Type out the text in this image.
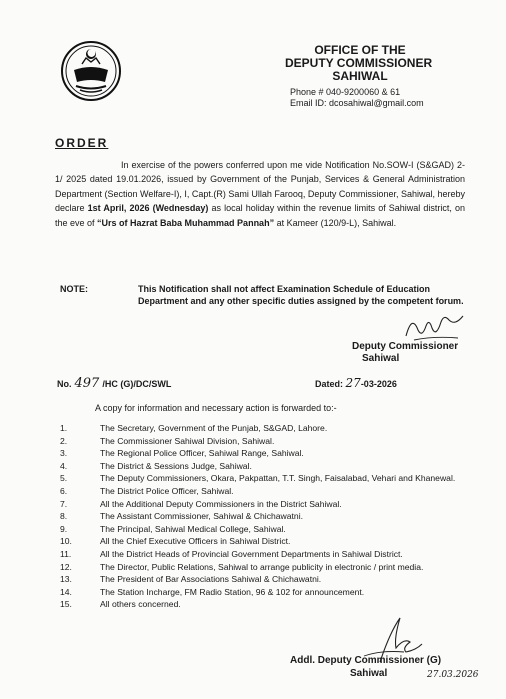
OFFICE OF THE
DEPUTY COMMISSIONER
SAHIWAL
Phone # 040-9200060 & 61
Email ID: dcosahiwal@gmail.com
ORDER
In exercise of the powers conferred upon me vide Notification No.SOW-I (S&GAD) 2-1/ 2025 dated 19.01.2026, issued by Government of the Punjab, Services & General Administration Department (Section Welfare-I), I, Capt.(R) Sami Ullah Farooq, Deputy Commissioner, Sahiwal, hereby declare 1st April, 2026 (Wednesday) as local holiday within the revenue limits of Sahiwal district, on the eve of “Urs of Hazrat Baba Muhammad Pannah” at Kameer (120/9-L), Sahiwal.
NOTE:	This Notification shall not affect Examination Schedule of Education Department and any other specific duties assigned by the competent forum.
Deputy Commissioner
Sahiwal
No. 497 /HC (G)/DC/SWL	Dated: 27-03-2026
A copy for information and necessary action is forwarded to:-
1.	The Secretary, Government of the Punjab, S&GAD, Lahore.
2.	The Commissioner Sahiwal Division, Sahiwal.
3.	The Regional Police Officer, Sahiwal Range, Sahiwal.
4.	The District & Sessions Judge, Sahiwal.
5.	The Deputy Commissioners, Okara, Pakpattan, T.T. Singh, Faisalabad, Vehari and Khanewal.
6.	The District Police Officer, Sahiwal.
7.	All the Additional Deputy Commissioners in the District Sahiwal.
8.	The Assistant Commissioner, Sahiwal & Chichawatni.
9.	The Principal, Sahiwal Medical College, Sahiwal.
10.	All the Chief Executive Officers in Sahiwal District.
11.	All the District Heads of Provincial Government Departments in Sahiwal District.
12.	The Director, Public Relations, Sahiwal to arrange publicity in electronic / print media.
13.	The President of Bar Associations Sahiwal & Chichawatni.
14.	The Station Incharge, FM Radio Station, 96 & 102 for announcement.
15.	All others concerned.
Addl. Deputy Commissioner (G)
Sahiwal	27.03.2026
